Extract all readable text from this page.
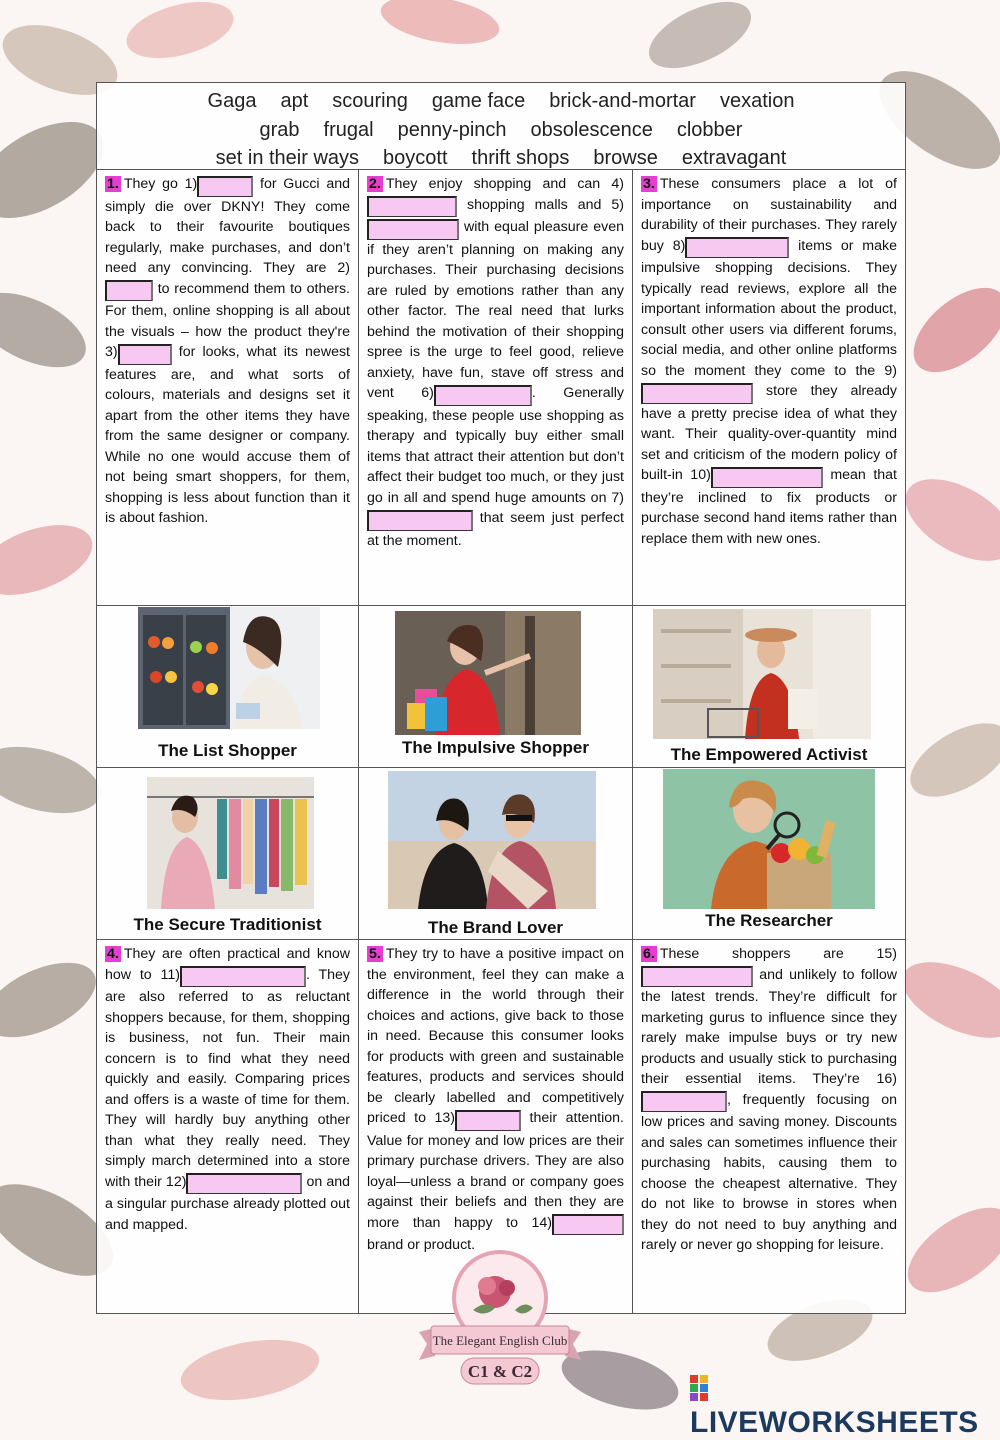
Gaga apt scouring game face brick-and-mortar vexation
grab frugal penny-pinch obsolescence clobber
set in their ways boycott thrift shops browse extravagant
1. They go 1)	for Gucci and simply die over DKNY! They come back to their favourite boutiques regularly, make purchases, and don’t need any convincing. They are 2) to recommend them to others. For them, online shopping is all about the visuals – how the product they're 3)	for looks, what its newest features are, and what sorts of colours, materials and designs set it apart from the other items they have from the same designer or company. While no one would accuse them of not being smart shoppers, for them, shopping is less about function than it is about fashion.
2. They enjoy shopping and can 4) shopping malls and 5) with equal pleasure even if they aren’t planning on making any purchases. Their purchasing decisions are ruled by emotions rather than any other factor. The real need that lurks behind the motivation of their shopping spree is the urge to feel good, relieve anxiety, have fun, stave off stress and vent 6)	. Generally speaking, these people use shopping as therapy and typically buy either small items that attract their attention but don’t affect their budget too much, or they just go in all and spend huge amounts on 7) that seem just perfect at the moment.
3. These consumers place a lot of importance on sustainability and durability of their purchases. They rarely buy 8)	items or make impulsive shopping decisions. They typically read reviews, explore all the important information about the product, consult other users via different forums, social media, and other online platforms so the moment they come to the 9) store they already have a pretty precise idea of what they want. Their quality-over-quantity mind set and criticism of the modern policy of built-in 10)	mean that they’re inclined to fix products or purchase second hand items rather than replace them with new ones.
The List Shopper	The Impulsive Shopper	The Empowered Activist
The Secure Traditionist	The Brand Lover	The Researcher
4. They are often practical and know how to 11)	. They are also referred to as reluctant shoppers because, for them, shopping is business, not fun. Their main concern is to find what they need quickly and easily. Comparing prices and offers is a waste of time for them. They will hardly buy anything other than what they really need. They simply march determined into a store with their 12)	on and a singular purchase already plotted out and mapped.
5. They try to have a positive impact on the environment, feel they can make a difference in the world through their choices and actions, give back to those in need. Because this consumer looks for products with green and sustainable features, products and services should be clearly labelled and competitively priced to 13)	their attention. Value for money and low prices are their primary purchase drivers. They are also loyal—unless a brand or company goes against their beliefs and then they are more than happy to 14) brand or product.
6. These shoppers are 15) and unlikely to follow the latest trends. They’re difficult for marketing gurus to influence since they rarely make impulse buys or try new products and usually stick to purchasing their essential items. They’re 16), frequently focusing on low prices and saving money. Discounts and sales can sometimes influence their purchasing habits, causing them to choose the cheapest alternative. They do not like to browse in stores when they do not need to buy anything and rarely or never go shopping for leisure.
The Elegant English Club
C1 & C2
LIVEWORKSHEETS
